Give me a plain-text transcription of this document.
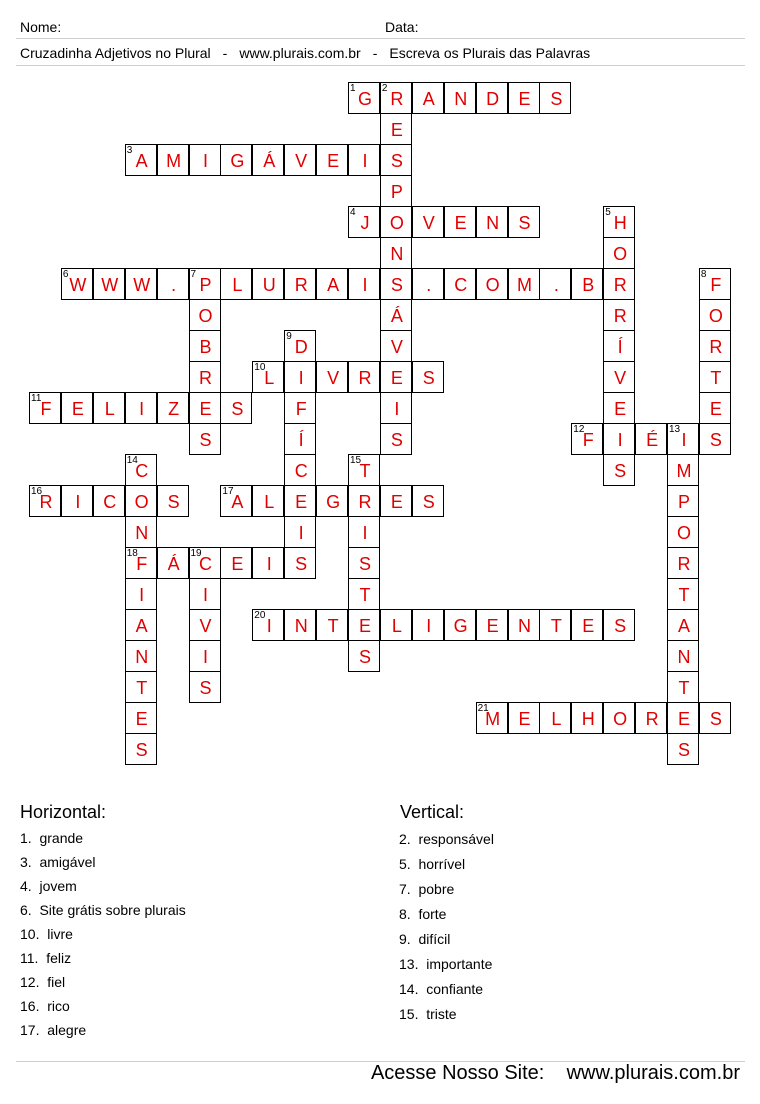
Nome:	Data:
Cruzadinha Adjetivos no Plural - www.plurais.com.br - Escreva os Plurais das Palavras
1
G
2
R	A	N	D	E	S
E
S
P
O
N
S
Á
V
E
I
S
3
A	M	I	G	Á	V	E	I
4
J	V	E	N	S
5
H
O
R
R
Í
V
E
I
S
6
W W W	.
7
P	L	U	R	A	I	.	C	O M	.	B
O
B
R
E
S
8
F
O
R
T
E
S
9
D
I
F
Í
C
E
I
S
10
L	V	R	S
11
F	E	L	I	Z	S
12
F	É
13
I
M
P
O
R
T
A
N
T
E
S
14
C
O
N
18
F
I
A
N
T
E
S
15
T
R
I
S
T
E
S
16
R	I	C	S
17
A	L	G	E	S
Á
19
C	E	I
I
V
I
S
20
I	N	T	L	I	G	E	N	T	E	S
21
M	E	L	H	O	R	S
Horizontal:	Vertical:
1.  grande
3.  amigável
4.  jovem
6.  Site grátis sobre plurais
10.  livre
11.  feliz
12.  fiel
16.  rico
17.  alegre
2.  responsável
5.  horrível
7.  pobre
8.  forte
9.  difícil
13.  importante
14.  confiante
15.  triste
Acesse Nosso Site: www.plurais.com.br
